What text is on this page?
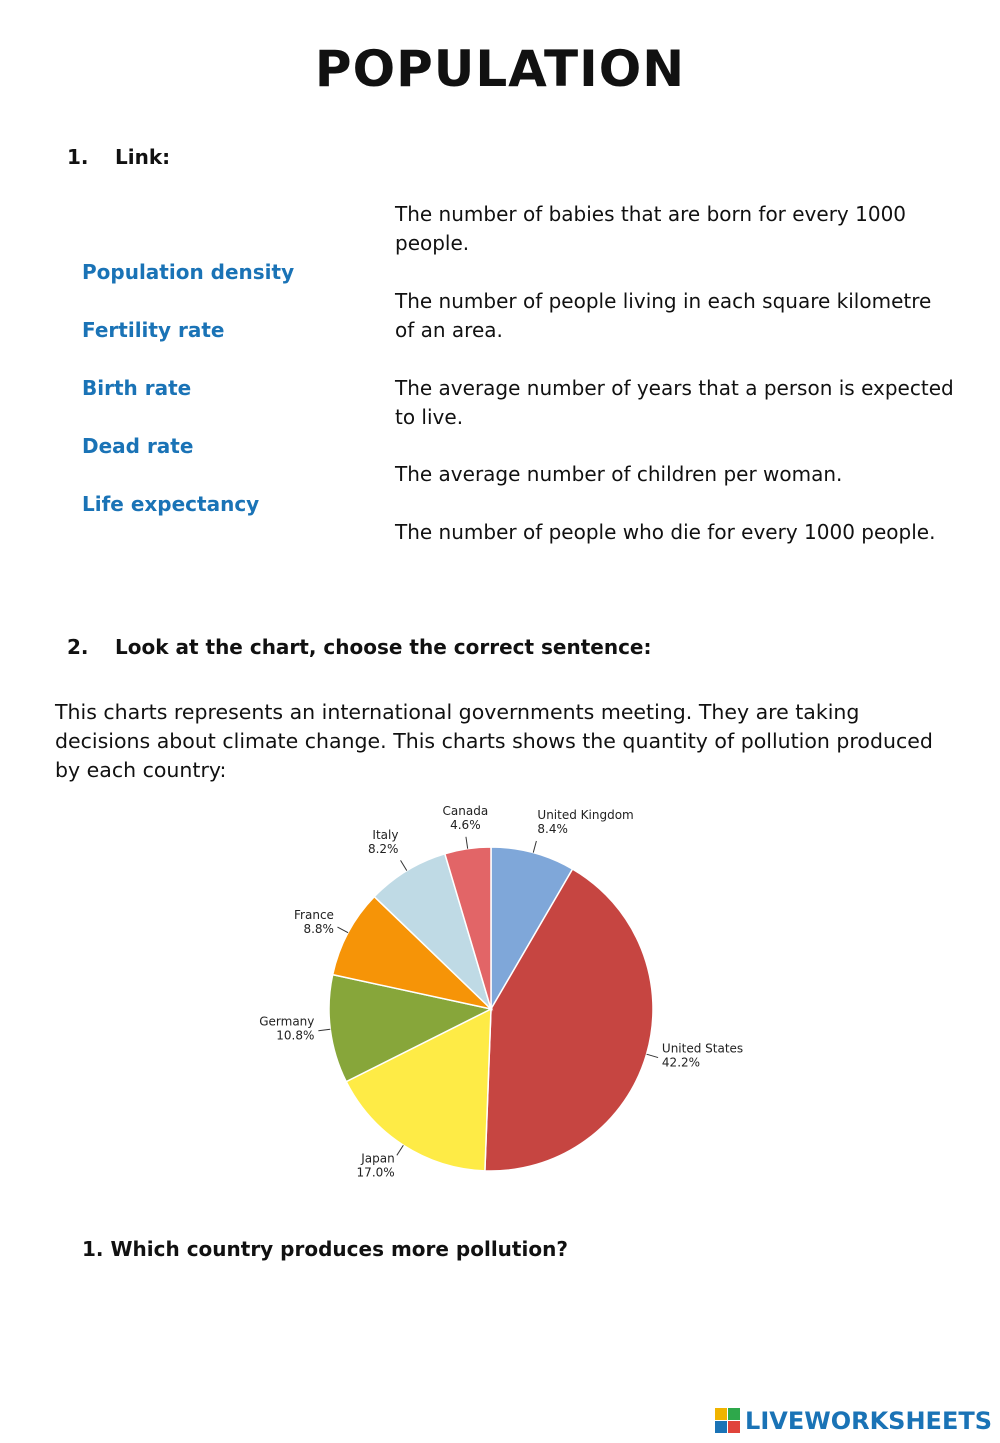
POPULATION
1. Link:
Population density
Fertility rate
Birth rate
Dead rate
Life expectancy
The number of babies that are born for every 1000 people.
The number of people living in each square kilometre of an area.
The average number of years that a person is expected to live.
The average number of children per woman.
The number of people who die for every 1000 people.
2. Look at the chart, choose the correct sentence:
This charts represents an international governments meeting. They are taking decisions about climate change. This charts shows the quantity of pollution produced by each country:
United Kingdom
8.4%
United States
42.2%
Japan
17.0%
Germany
10.8%
France
8.8%
Italy
8.2%
Canada
4.6%
1. Which country produces more pollution?
LIVEWORKSHEETS
